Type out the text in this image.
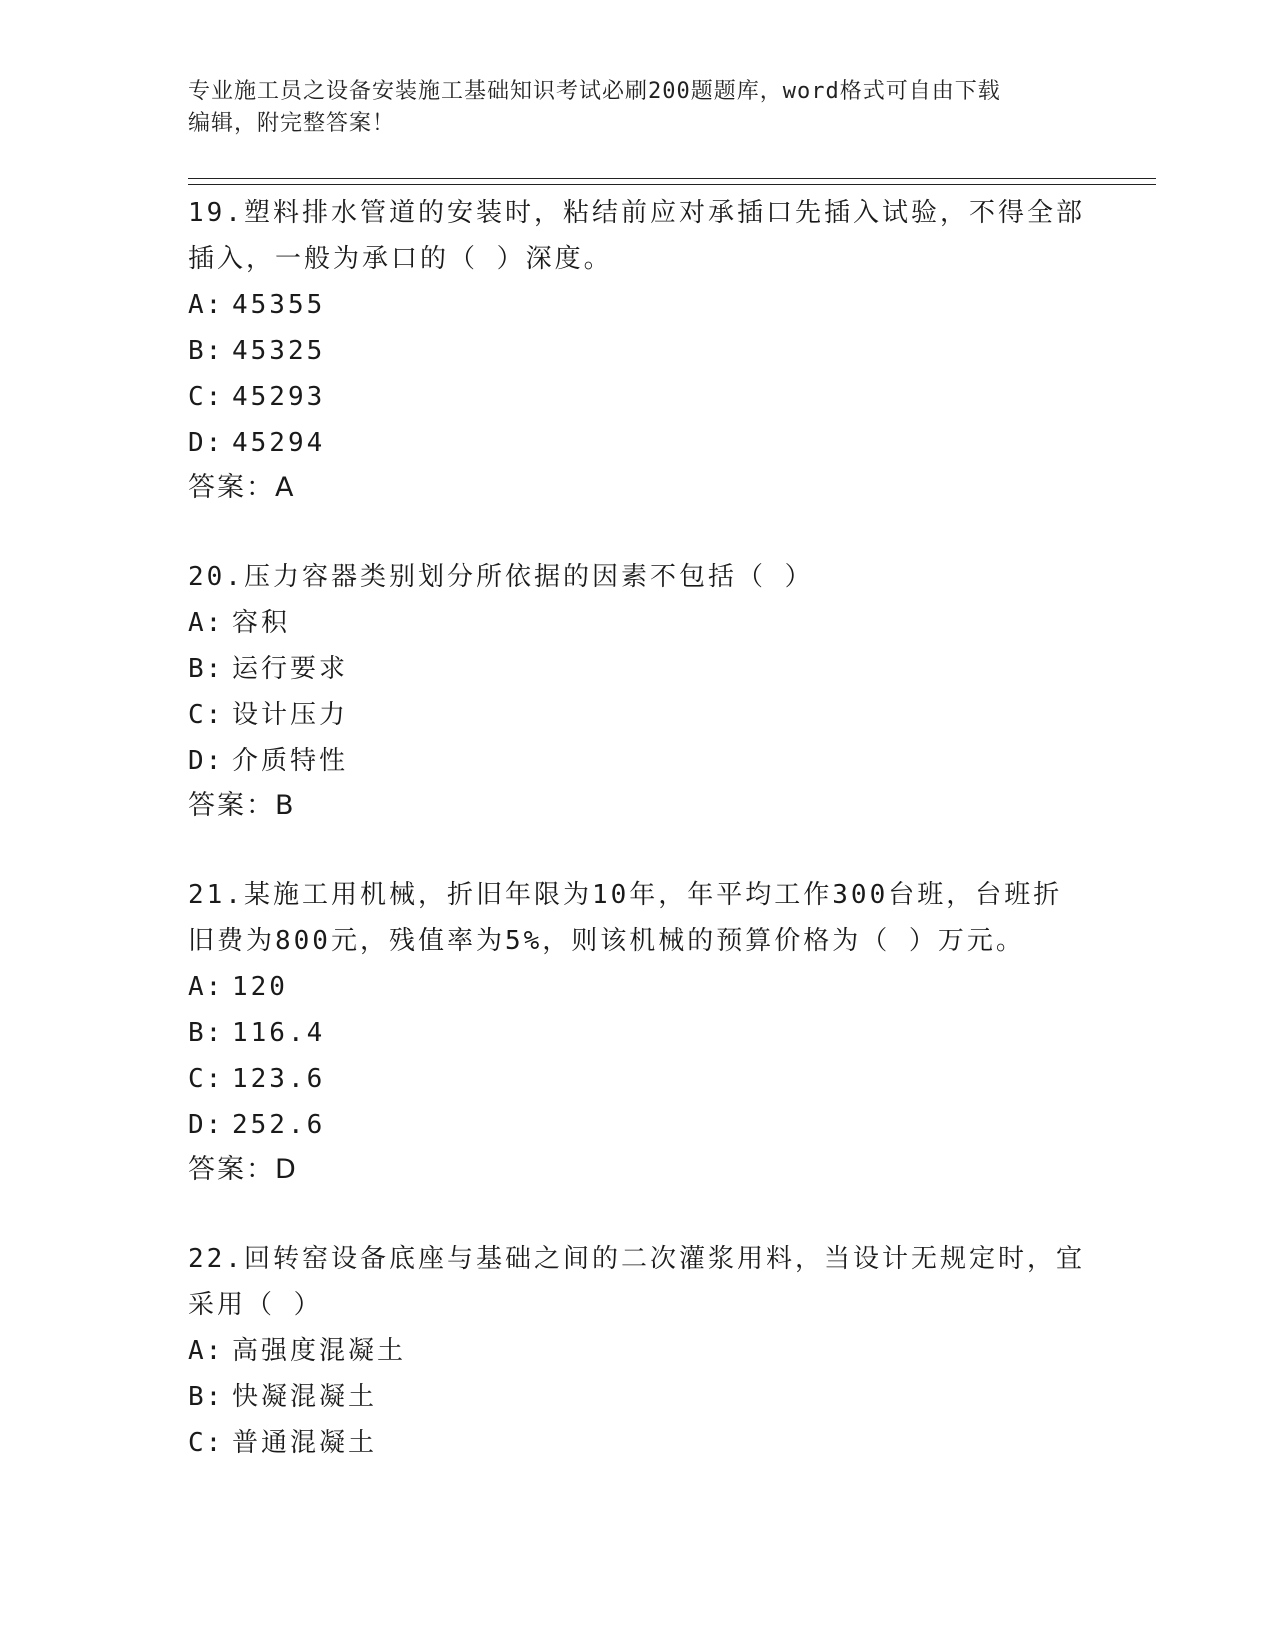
专业施工员之设备安装施工基础知识考试必刷200题题库，word格式可自由下载
编辑，附完整答案！

19.塑料排水管道的安装时，粘结前应对承插口先插入试验，不得全部插入，一般为承口的（ ）深度。

A: 45355
B: 45325
C: 45293
D: 45294
答案：A

20.压力容器类别划分所依据的因素不包括（ ）

A: 容积
B: 运行要求
C: 设计压力
D: 介质特性
答案：B

21.某施工用机械，折旧年限为10年，年平均工作300台班，台班折旧费为800元，残值率为5%，则该机械的预算价格为（ ）万元。

A: 120
B: 116.4
C: 123.6
D: 252.6
答案：D

22.回转窑设备底座与基础之间的二次灌浆用料，当设计无规定时，宜采用（ ）

A: 高强度混凝土
B: 快凝混凝土
C: 普通混凝土
